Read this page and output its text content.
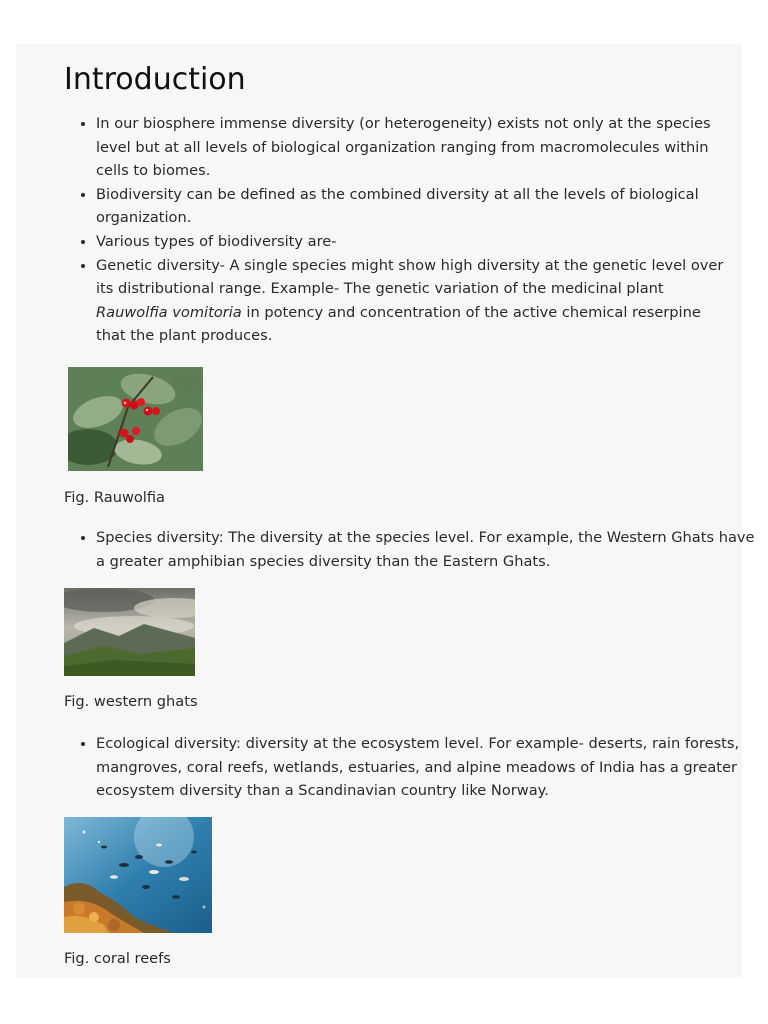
Introduction
• In our biosphere immense diversity (or heterogeneity) exists not only at the species level but at all levels of biological organization ranging from macromolecules within cells to biomes.
• Biodiversity can be defined as the combined diversity at all the levels of biological organization.
• Various types of biodiversity are-
• Genetic diversity- A single species might show high diversity at the genetic level over its distributional range. Example- The genetic variation of the medicinal plant Rauwolfia vomitoria in potency and concentration of the active chemical reserpine that the plant produces.
Fig. Rauwolfia
• Species diversity: The diversity at the species level. For example, the Western Ghats have a greater amphibian species diversity than the Eastern Ghats.
Fig. western ghats
• Ecological diversity: diversity at the ecosystem level. For example- deserts, rain forests, mangroves, coral reefs, wetlands, estuaries, and alpine meadows of India has a greater ecosystem diversity than a Scandinavian country like Norway.
Fig. coral reefs
